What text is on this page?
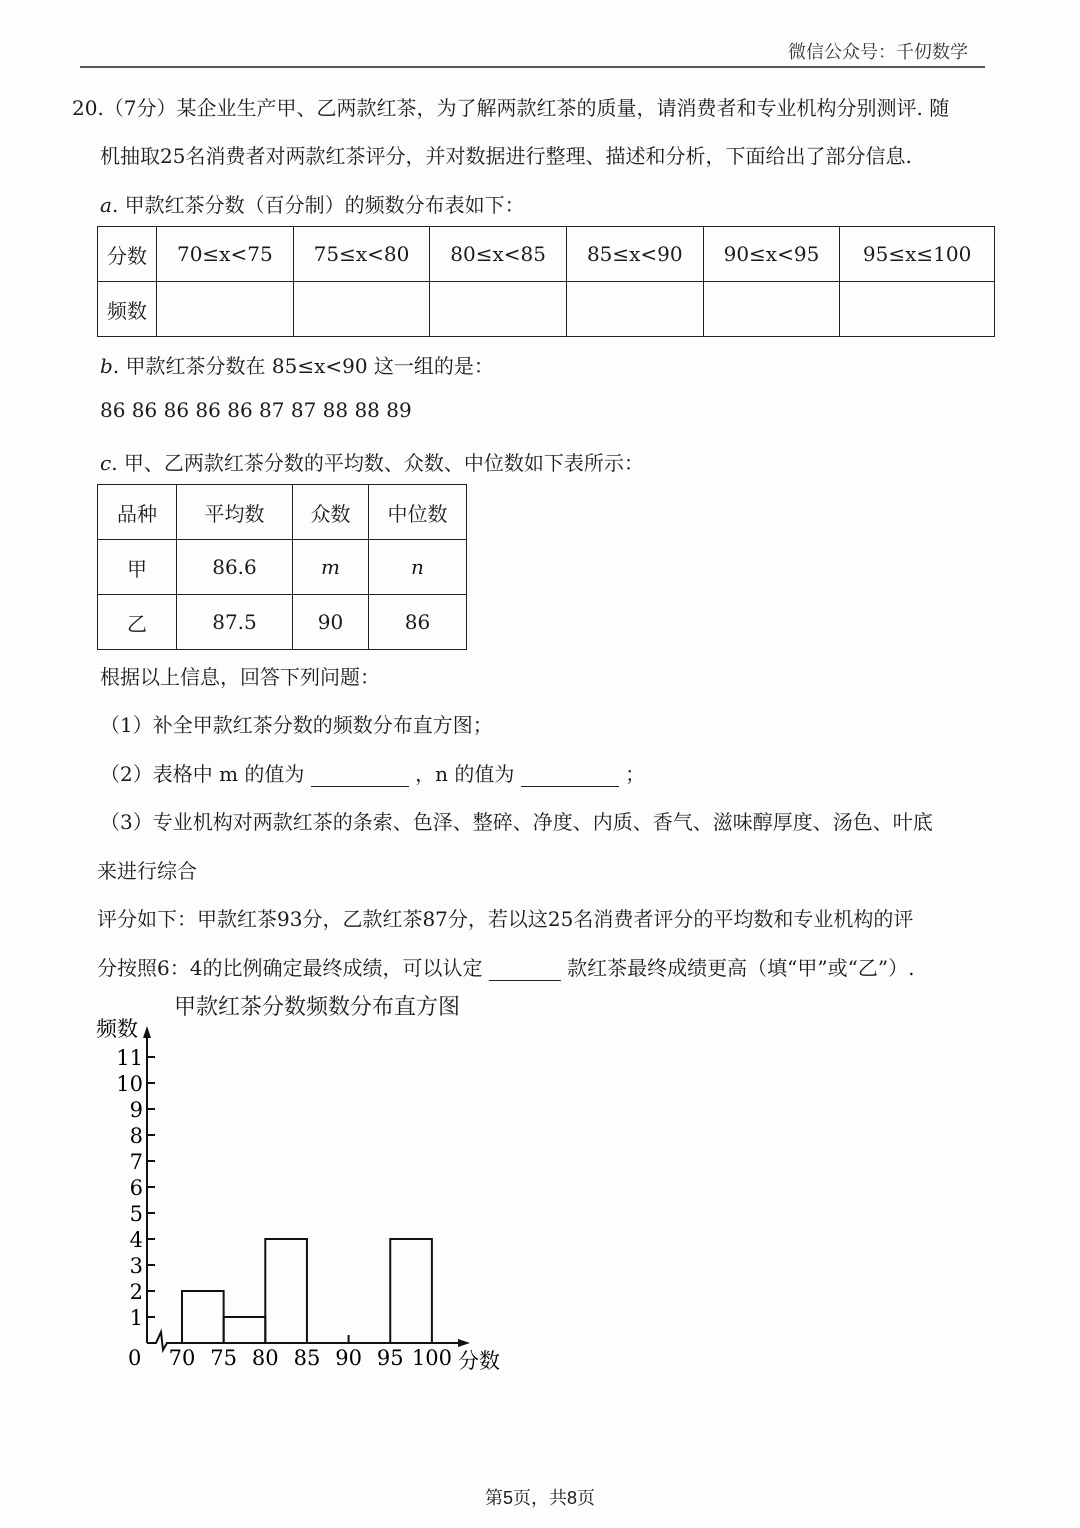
微信公众号：千仞数学
20.（7分）某企业生产甲、乙两款红茶，为了解两款红茶的质量，请消费者和专业机构分别测评. 随
机抽取25名消费者对两款红茶评分，并对数据进行整理、描述和分析，下面给出了部分信息.
a. 甲款红茶分数（百分制）的频数分布表如下：
分数	70≤x<75	75≤x<80	80≤x<85	85≤x<90	90≤x<95	95≤x≤100
频数						
b. 甲款红茶分数在 85≤x<90 这一组的是：
86 86 86 86 86 87 87 88 88 89
c. 甲、乙两款红茶分数的平均数、众数、中位数如下表所示：
品种	平均数	众数	中位数
甲	86.6	m	n
乙	87.5	90	86
根据以上信息，回答下列问题：
（1）补全甲款红茶分数的频数分布直方图；
（2）表格中 m 的值为	，n 的值为	；
（3）专业机构对两款红茶的条索、色泽、整碎、净度、内质、香气、滋味醇厚度、汤色、叶底
来进行综合
评分如下：甲款红茶93分，乙款红茶87分，若以这25名消费者评分的平均数和专业机构的评
分按照6：4的比例确定最终成绩，可以认定	款红茶最终成绩更高（填“甲”或“乙”）.
甲款红茶分数频数分布直方图
频数
分数
1
2
3
4
5
6
7
8
9
10
11
0 70 75 80 85 90 95 100
第5页，共8页
